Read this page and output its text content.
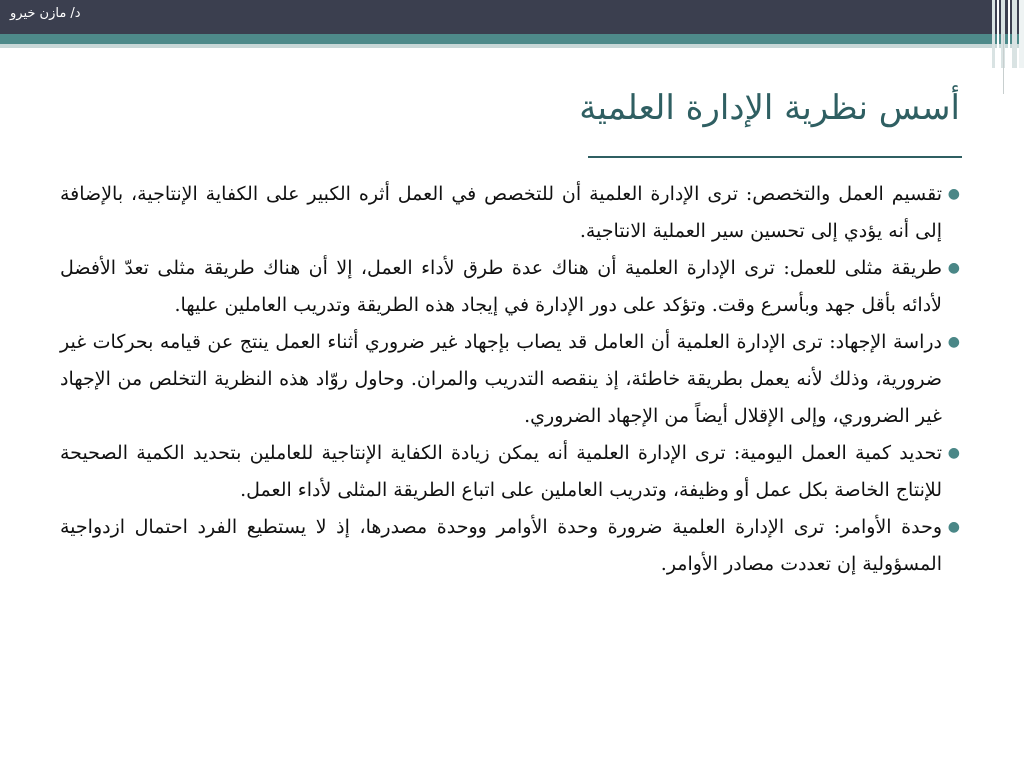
د/ مازن خيرو
أسس نظرية الإدارة العلمية
●
تقسيم العمل والتخصص: ترى الإدارة العلمية أن للتخصص في العمل أثره الكبير على الكفاية الإنتاجية، بالإضافة إلى أنه يؤدي إلى تحسين سير العملية الانتاجية.
●
طريقة مثلى للعمل: ترى الإدارة العلمية أن هناك عدة طرق لأداء العمل، إلا أن هناك طريقة مثلى تعدّ الأفضل لأدائه بأقل جهد وبأسرع وقت. وتؤكد على دور الإدارة في إيجاد هذه الطريقة وتدريب العاملين عليها.
●
دراسة الإجهاد: ترى الإدارة العلمية أن العامل قد يصاب بإجهاد غير ضروري أثناء العمل ينتج عن قيامه بحركات غير ضرورية، وذلك لأنه يعمل بطريقة خاطئة، إذ ينقصه التدريب والمران. وحاول روّاد هذه النظرية التخلص من الإجهاد غير الضروري، وإلى الإقلال أيضاً من الإجهاد الضروري.
●
تحديد كمية العمل اليومية: ترى الإدارة العلمية أنه يمكن زيادة الكفاية الإنتاجية للعاملين بتحديد الكمية الصحيحة للإنتاج الخاصة بكل عمل أو وظيفة، وتدريب العاملين على اتباع الطريقة المثلى لأداء العمل.
●
وحدة الأوامر: ترى الإدارة العلمية ضرورة وحدة الأوامر ووحدة مصدرها، إذ لا يستطيع الفرد احتمال ازدواجية المسؤولية إن تعددت مصادر الأوامر.
